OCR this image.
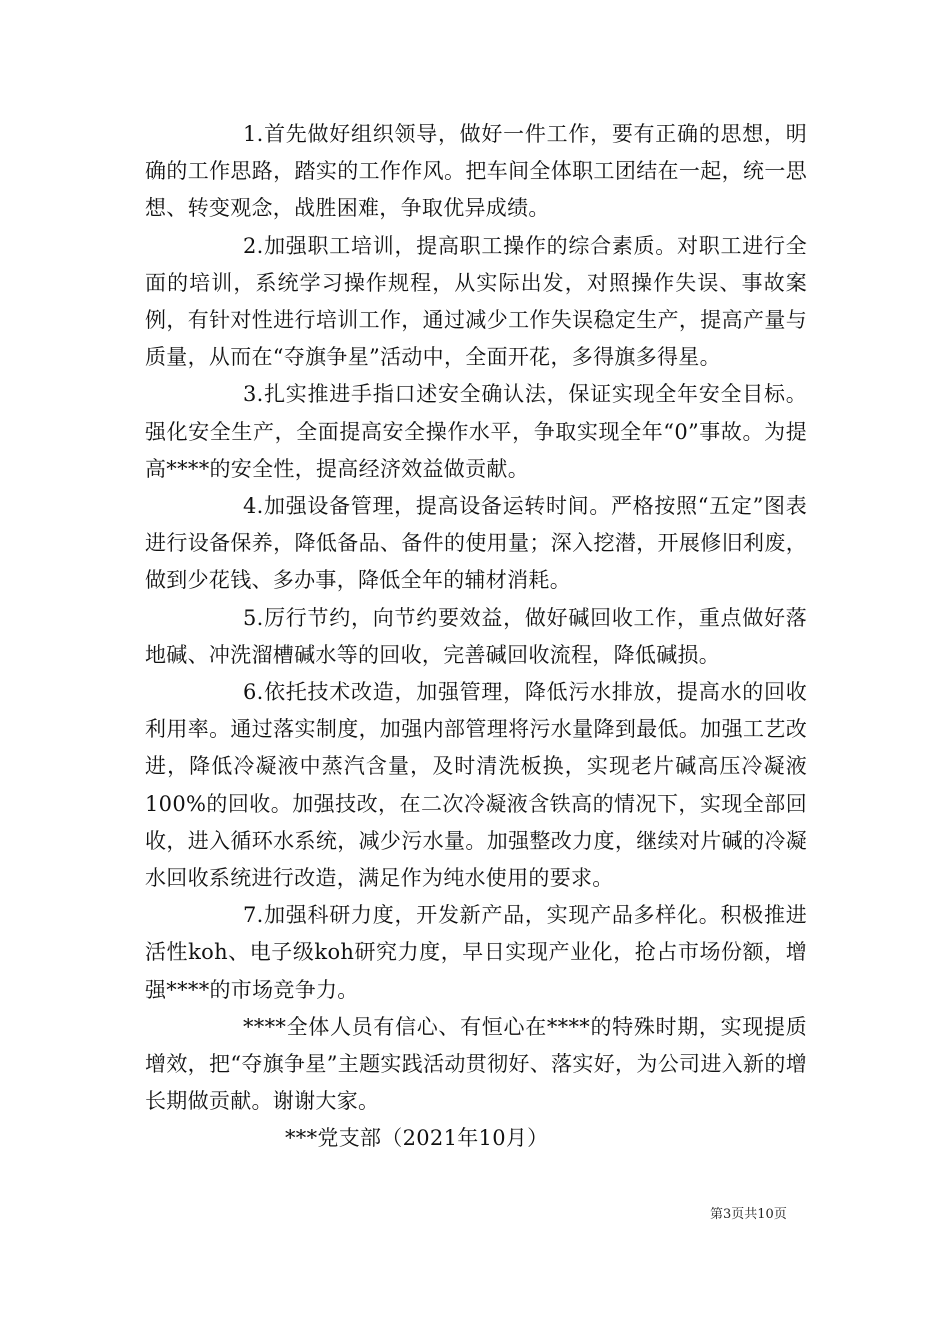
1.首先做好组织领导，做好一件工作，要有正确的思想，明确的工作思路，踏实的工作作风。把车间全体职工团结在一起，统一思想、转变观念，战胜困难，争取优异成绩。

2.加强职工培训，提高职工操作的综合素质。对职工进行全面的培训，系统学习操作规程，从实际出发，对照操作失误、事故案例，有针对性进行培训工作，通过减少工作失误稳定生产，提高产量与质量，从而在“夺旗争星”活动中，全面开花，多得旗多得星。

3.扎实推进手指口述安全确认法，保证实现全年安全目标。强化安全生产，全面提高安全操作水平，争取实现全年“0”事故。为提高****的安全性，提高经济效益做贡献。

4.加强设备管理，提高设备运转时间。严格按照“五定”图表进行设备保养，降低备品、备件的使用量；深入挖潜，开展修旧利废，做到少花钱、多办事，降低全年的辅材消耗。

5.厉行节约，向节约要效益，做好碱回收工作，重点做好落地碱、冲洗溜槽碱水等的回收，完善碱回收流程，降低碱损。

6.依托技术改造，加强管理，降低污水排放，提高水的回收利用率。通过落实制度，加强内部管理将污水量降到最低。加强工艺改进，降低冷凝液中蒸汽含量，及时清洗板换，实现老片碱高压冷凝液100%的回收。加强技改，在二次冷凝液含铁高的情况下，实现全部回收，进入循环水系统，减少污水量。加强整改力度，继续对片碱的冷凝水回收系统进行改造，满足作为纯水使用的要求。

7.加强科研力度，开发新产品，实现产品多样化。积极推进活性koh、电子级koh研究力度，早日实现产业化，抢占市场份额，增强****的市场竞争力。

****全体人员有信心、有恒心在****的特殊时期，实现提质增效，把“夺旗争星”主题实践活动贯彻好、落实好，为公司进入新的增长期做贡献。谢谢大家。

***党支部（2021年10月）

第3页共10页
